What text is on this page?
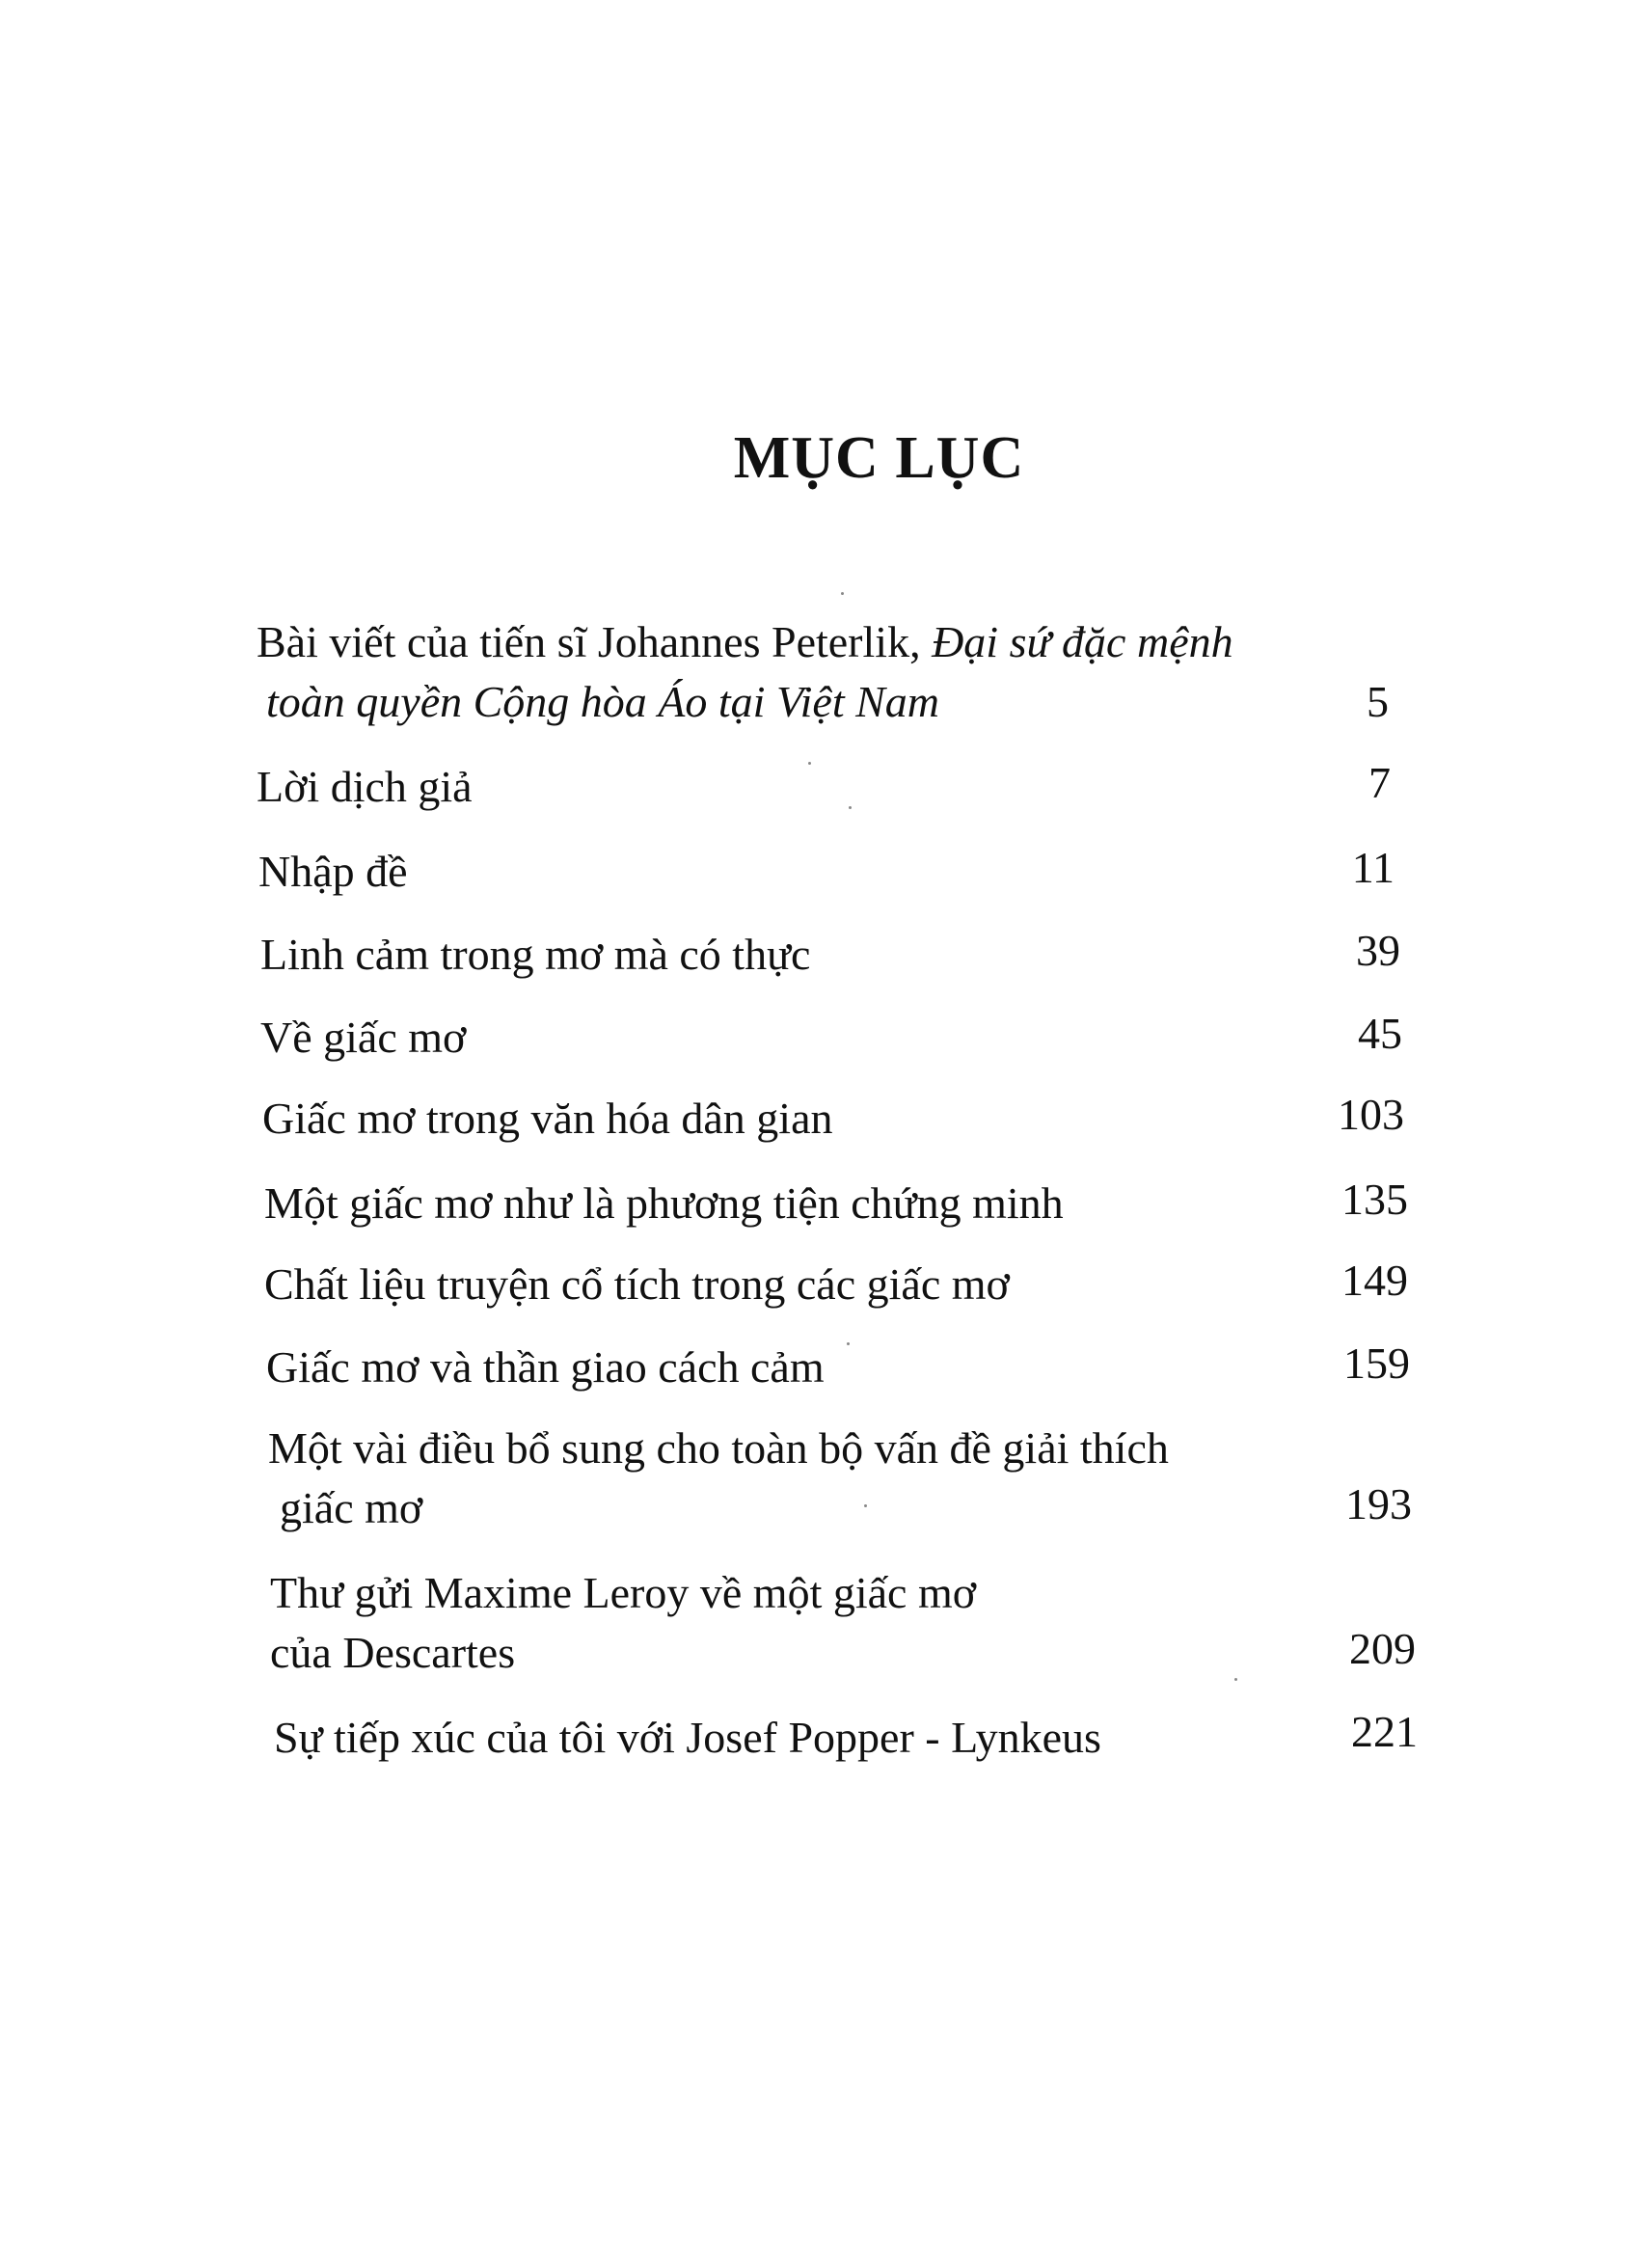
MỤC LỤC
Bài viết của tiến sĩ Johannes Peterlik, Đại sứ đặc mệnh
toàn quyền Cộng hòa Áo tại Việt Nam	5
Lời dịch giả	7
Nhập đề	11
Linh cảm trong mơ mà có thực	39
Về giấc mơ	45
Giấc mơ trong văn hóa dân gian	103
Một giấc mơ như là phương tiện chứng minh	135
Chất liệu truyện cổ tích trong các giấc mơ	149
Giấc mơ và thần giao cách cảm	159
Một vài điều bổ sung cho toàn bộ vấn đề giải thích
giấc mơ	193
Thư gửi Maxime Leroy về một giấc mơ
của Descartes	209
Sự tiếp xúc của tôi với Josef Popper - Lynkeus	221
